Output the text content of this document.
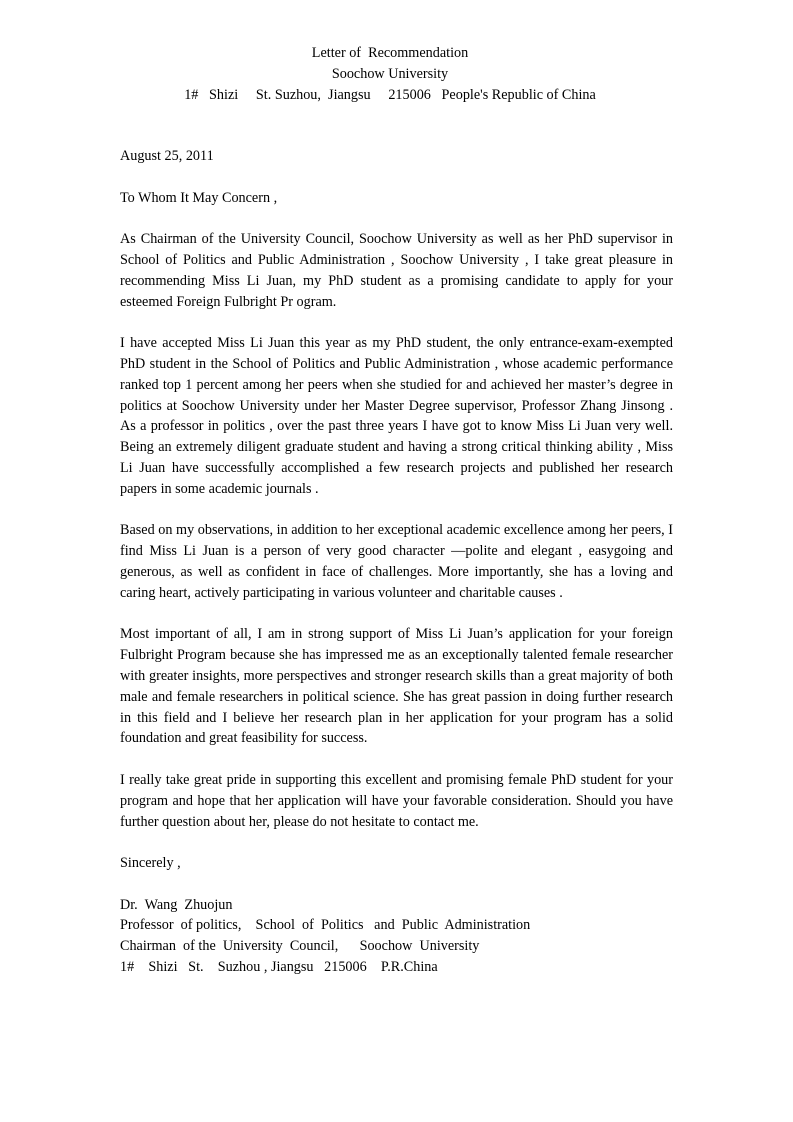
Letter of  Recommendation
Soochow University
1#   Shizi     St. Suzhou,  Jiangsu     215006   People's Republic of China
August 25, 2011
To Whom It May Concern ,

As Chairman of the University Council, Soochow University as well as her PhD supervisor in School of Politics and Public Administration , Soochow University , I take great pleasure in recommending Miss Li Juan, my PhD student as a promising candidate to apply for your esteemed Foreign Fulbright Pr ogram.

I have accepted Miss Li Juan this year as my PhD student, the only entrance-exam-exempted PhD student in the School of Politics and Public Administration , whose academic performance ranked top 1 percent among her peers when she studied for and achieved her master’s degree in politics at Soochow University under her Master Degree supervisor, Professor Zhang Jinsong . As a professor in politics , over the past three years I have got to know Miss Li Juan very well. Being an extremely diligent graduate student and having a strong critical thinking ability , Miss Li Juan have successfully accomplished a few research projects and published her research papers in some academic journals .

Based on my observations, in addition to her exceptional academic excellence among her peers, I find Miss Li Juan is a person of very good character —polite and elegant , easygoing and generous, as well as confident in face of challenges. More importantly, she has a loving and caring heart, actively participating in various volunteer and charitable causes .

Most important of all, I am in strong support of Miss Li Juan’s application for your foreign Fulbright Program because she has impressed me as an exceptionally talented female researcher with greater insights, more perspectives and stronger research skills than a great majority of both male and female researchers in political science. She has great passion in doing further research in this field and I believe her research plan in her application for your program has a solid foundation and great feasibility for success.

I really take great pride in supporting this excellent and promising female PhD student for your program and hope that her application will have your favorable consideration. Should you have further question about her, please do not hesitate to contact me.

Sincerely ,
Dr.  Wang  Zhuojun
Professor  of politics,    School  of  Politics   and  Public  Administration
Chairman  of the  University  Council,      Soochow  University
1#    Shizi   St.    Suzhou , Jiangsu   215006    P.R.China
